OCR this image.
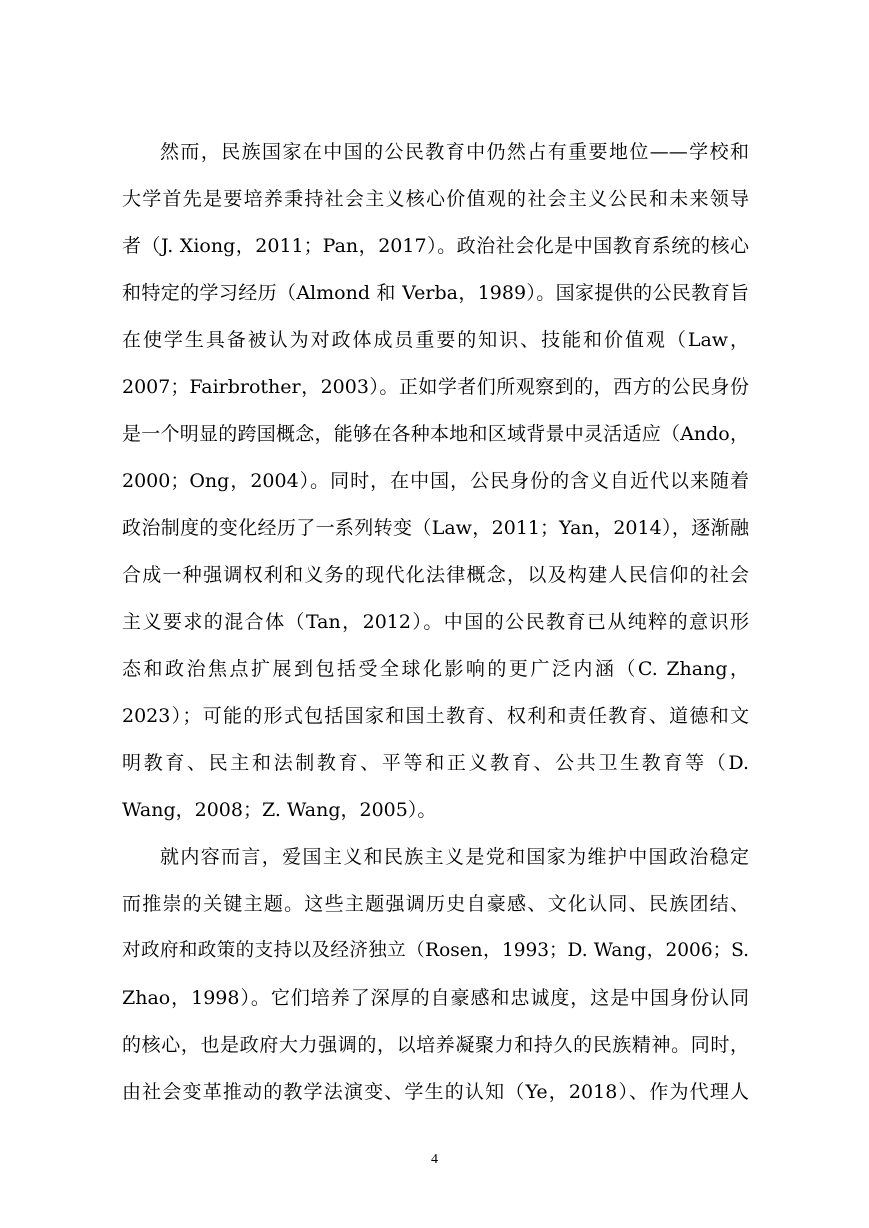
然而，民族国家在中国的公民教育中仍然占有重要地位——学校和
大学首先是要培养秉持社会主义核心价值观的社会主义公民和未来领导
者（J. Xiong，2011；Pan，2017）。政治社会化是中国教育系统的核心
和特定的学习经历（Almond 和 Verba，1989）。国家提供的公民教育旨
在使学生具备被认为对政体成员重要的知识、技能和价值观（Law，
2007；Fairbrother，2003）。正如学者们所观察到的，西方的公民身份
是一个明显的跨国概念，能够在各种本地和区域背景中灵活适应（Ando，
2000；Ong，2004）。同时，在中国，公民身份的含义自近代以来随着
政治制度的变化经历了一系列转变（Law，2011；Yan，2014），逐渐融
合成一种强调权利和义务的现代化法律概念，以及构建人民信仰的社会
主义要求的混合体（Tan，2012）。中国的公民教育已从纯粹的意识形
态和政治焦点扩展到包括受全球化影响的更广泛内涵（C. Zhang，
2023）；可能的形式包括国家和国土教育、权利和责任教育、道德和文
明教育、民主和法制教育、平等和正义教育、公共卫生教育等（D.
Wang，2008；Z. Wang，2005）。
就内容而言，爱国主义和民族主义是党和国家为维护中国政治稳定
而推崇的关键主题。这些主题强调历史自豪感、文化认同、民族团结、
对政府和政策的支持以及经济独立（Rosen，1993；D. Wang，2006；S.
Zhao，1998）。它们培养了深厚的自豪感和忠诚度，这是中国身份认同
的核心，也是政府大力强调的，以培养凝聚力和持久的民族精神。同时，
由社会变革推动的教学法演变、学生的认知（Ye，2018）、作为代理人
4
